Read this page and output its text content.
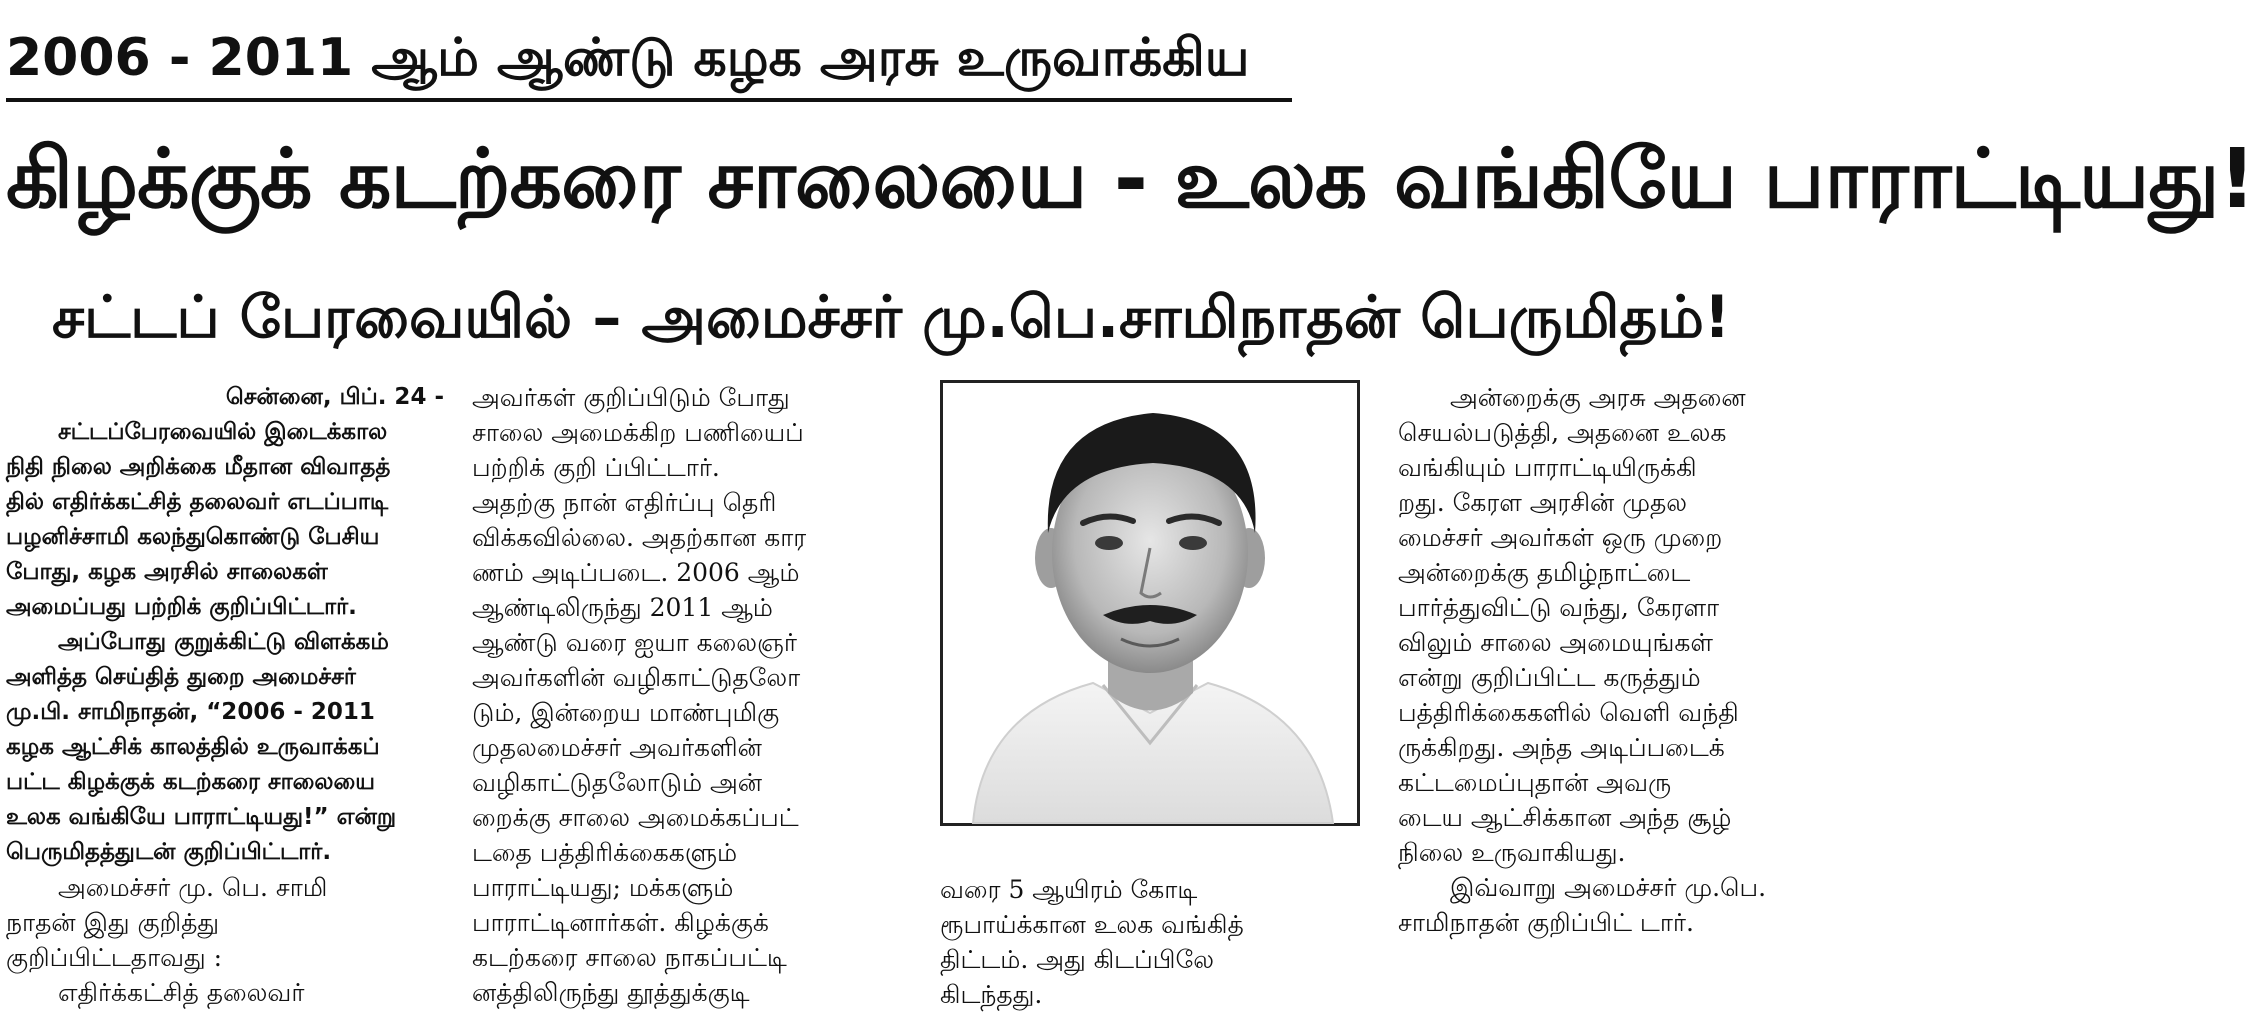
2006 - 2011 ஆம் ஆண்டு கழக அரசு உருவாக்கிய
கிழக்குக் கடற்கரை சாலையை - உலக வங்கியே பாராட்டியது!
சட்டப் பேரவையில் – அமைச்சர் மு.பெ.சாமிநாதன் பெருமிதம்!
சென்னை, பிப். 24 -
சட்டப்பேரவையில் இடைக்கால
நிதி நிலை அறிக்கை மீதான விவாதத்
தில் எதிர்க்கட்சித் தலைவர் எடப்பாடி
பழனிச்சாமி கலந்துகொண்டு பேசிய
போது, கழக அரசில் சாலைகள்
அமைப்பது பற்றிக் குறிப்பிட்டார்.
அப்போது குறுக்கிட்டு விளக்கம்
அளித்த செய்தித் துறை அமைச்சர்
மு.பி. சாமிநாதன், “2006 - 2011
கழக ஆட்சிக் காலத்தில் உருவாக்கப்
பட்ட கிழக்குக் கடற்கரை சாலையை
உலக வங்கியே பாராட்டியது!” என்று
பெருமிதத்துடன் குறிப்பிட்டார்.
அமைச்சர் மு. பெ. சாமி
நாதன் இது குறித்து
குறிப்பிட்டதாவது :
எதிர்க்கட்சித் தலைவர்
அவர்கள் குறிப்பிடும் போது
சாலை அமைக்கிற பணியைப்
பற்றிக் குறி ப்பிட்டார்.
அதற்கு நான் எதிர்ப்பு தெரி
விக்கவில்லை. அதற்கான கார
ணம் அடிப்படை. 2006 ஆம்
ஆண்டிலிருந்து 2011 ஆம்
ஆண்டு வரை ஐயா கலைஞர்
அவர்களின் வழிகாட்டுதலோ
டும், இன்றைய மாண்புமிகு
முதலமைச்சர் அவர்களின்
வழிகாட்டுதலோடும் அன்
றைக்கு சாலை அமைக்கப்பட்
டதை பத்திரிக்கைகளும்
பாராட்டியது; மக்களும்
பாராட்டினார்கள். கிழக்குக்
கடற்கரை சாலை நாகப்பட்டி
னத்திலிருந்து தூத்துக்குடி
வரை 5 ஆயிரம் கோடி
ரூபாய்க்கான உலக வங்கித்
திட்டம். அது கிடப்பிலே
கிடந்தது.
அன்றைக்கு அரசு அதனை
செயல்படுத்தி, அதனை உலக
வங்கியும் பாராட்டியிருக்கி
றது. கேரள அரசின் முதல
மைச்சர் அவர்கள் ஒரு முறை
அன்றைக்கு தமிழ்நாட்டை
பார்த்துவிட்டு வந்து, கேரளா
விலும் சாலை அமையுங்கள்
என்று குறிப்பிட்ட கருத்தும்
பத்திரிக்கைகளில் வெளி வந்தி
ருக்கிறது. அந்த அடிப்படைக்
கட்டமைப்புதான் அவரு
டைய ஆட்சிக்கான அந்த சூழ்
நிலை உருவாகியது.
இவ்வாறு அமைச்சர் மு.பெ.
சாமிநாதன் குறிப்பிட் டார்.
